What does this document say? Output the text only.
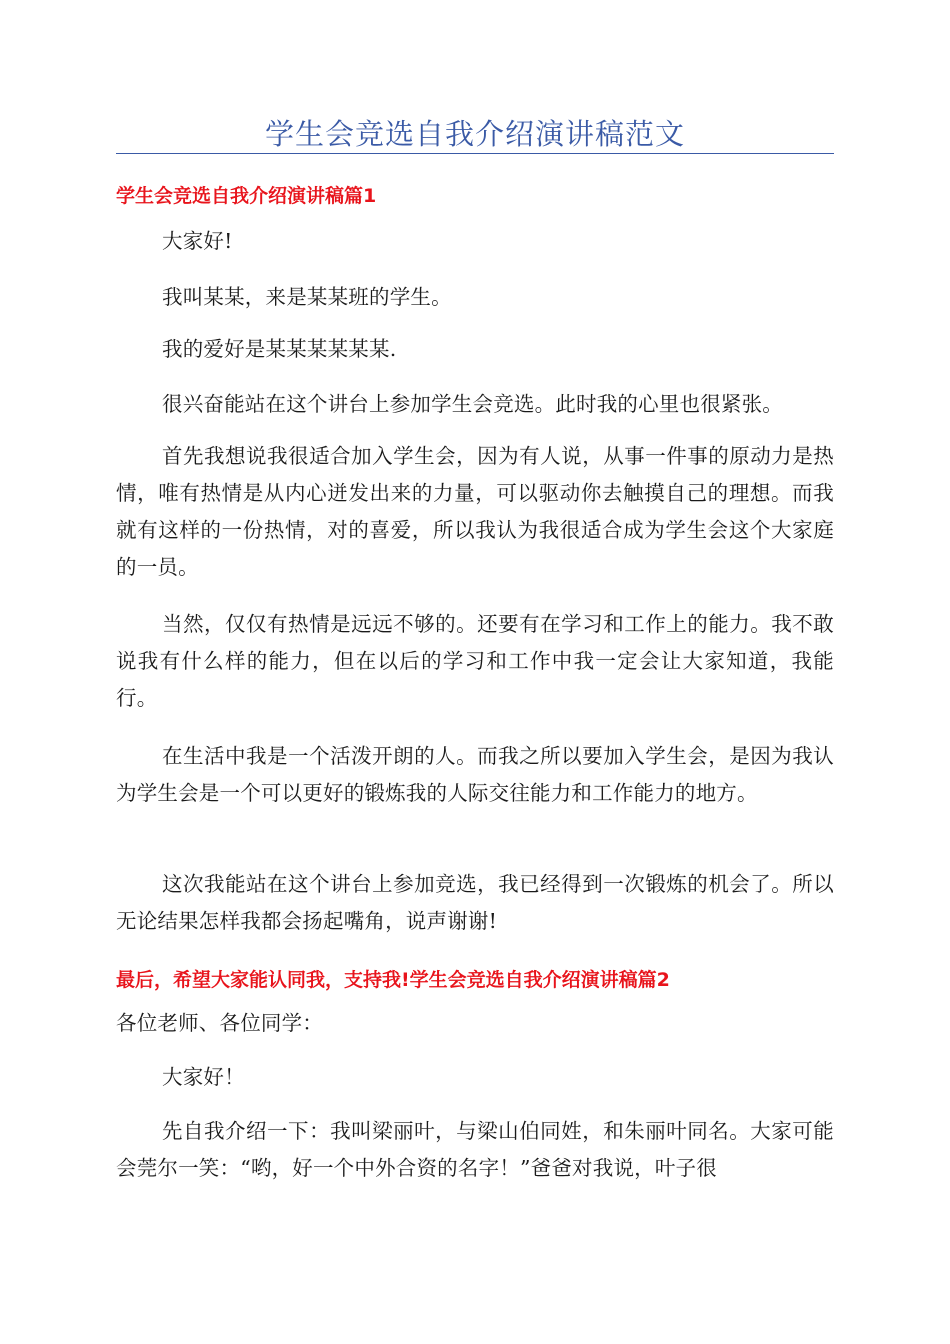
学生会竞选自我介绍演讲稿范文
学生会竞选自我介绍演讲稿篇1

大家好!

我叫某某，来是某某班的学生。

我的爱好是某某某某某某.

很兴奋能站在这个讲台上参加学生会竞选。此时我的心里也很紧张。

首先我想说我很适合加入学生会，因为有人说，从事一件事的原动力是热情，唯有热情是从内心迸发出来的力量，可以驱动你去触摸自己的理想。而我就有这样的一份热情，对的喜爱，所以我认为我很适合成为学生会这个大家庭的一员。

当然，仅仅有热情是远远不够的。还要有在学习和工作上的能力。我不敢说我有什么样的能力，但在以后的学习和工作中我一定会让大家知道，我能行。

在生活中我是一个活泼开朗的人。而我之所以要加入学生会，是因为我认为学生会是一个可以更好的锻炼我的人际交往能力和工作能力的地方。

这次我能站在这个讲台上参加竞选，我已经得到一次锻炼的机会了。所以无论结果怎样我都会扬起嘴角，说声谢谢!

最后，希望大家能认同我，支持我!学生会竞选自我介绍演讲稿篇2

各位老师、各位同学：

大家好！

先自我介绍一下：我叫梁丽叶，与梁山伯同姓，和朱丽叶同名。大家可能会莞尔一笑：“哟，好一个中外合资的名字！”爸爸对我说，叶子很
